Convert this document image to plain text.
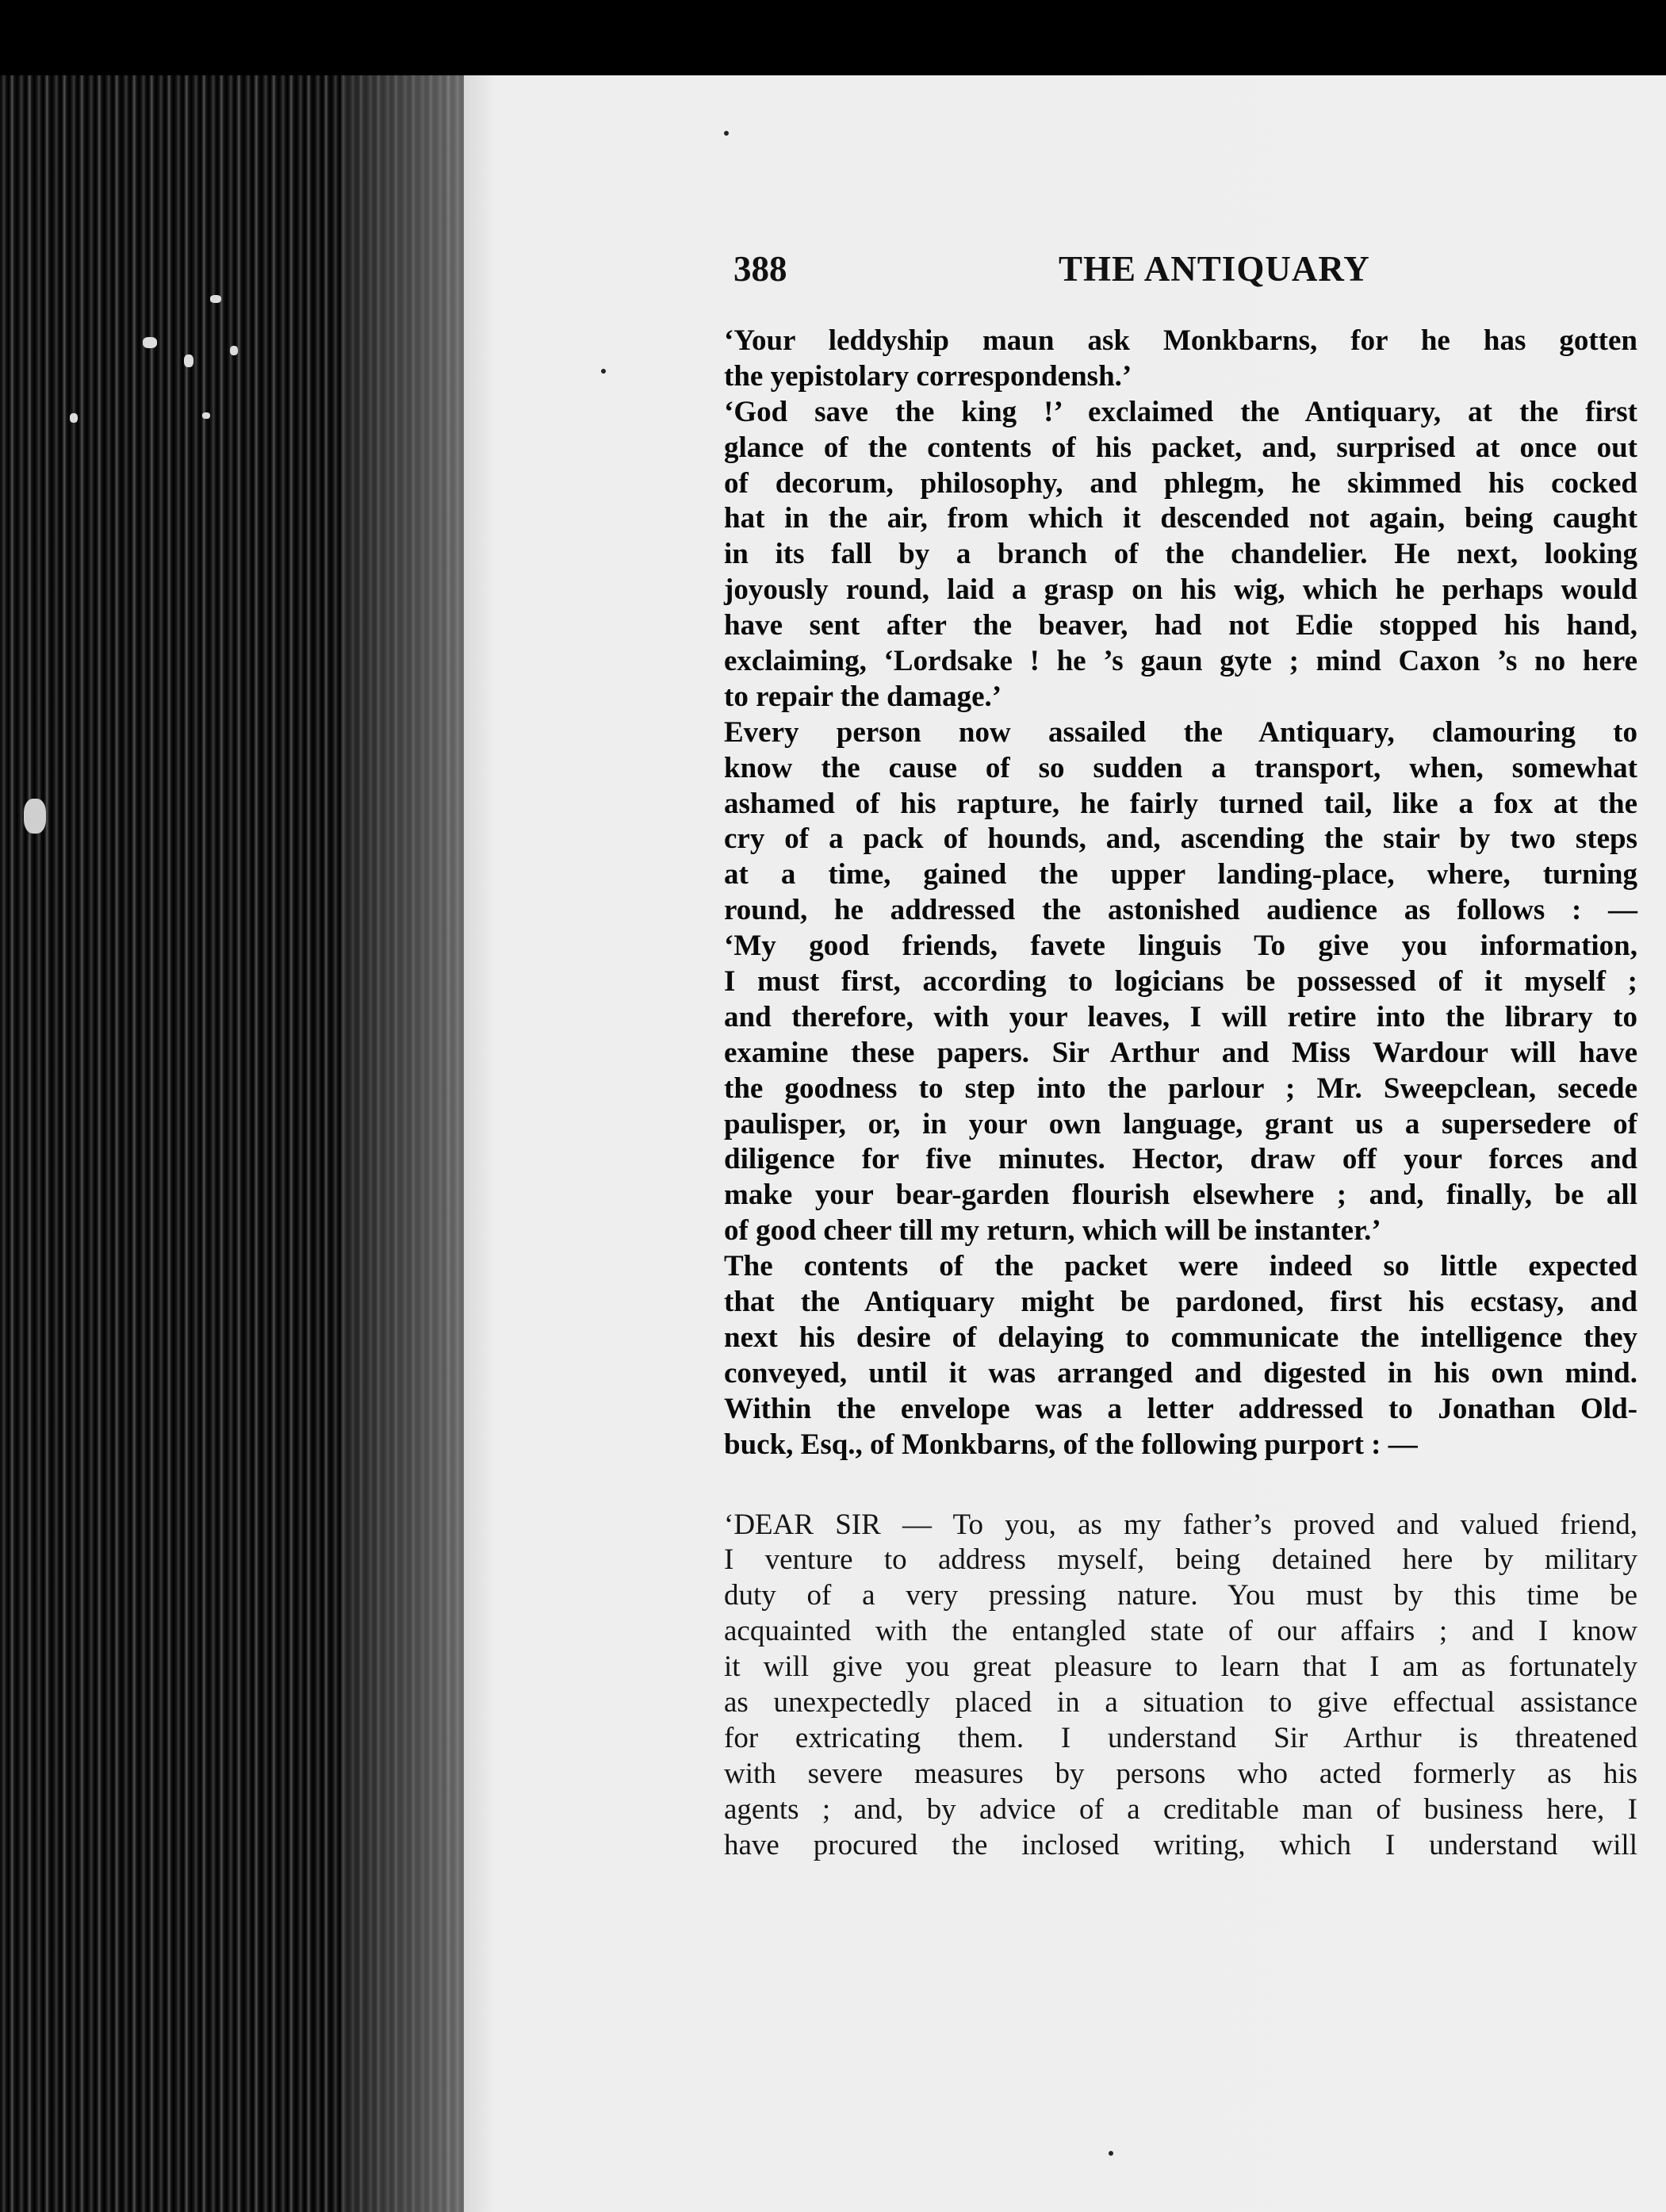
388	THE ANTIQUARY
‘Your leddyship maun ask Monkbarns, for he has gotten
the yepistolary correspondensh.’
‘God save the king !’ exclaimed the Antiquary, at the first
glance of the contents of his packet, and, surprised at once out
of decorum, philosophy, and phlegm, he skimmed his cocked
hat in the air, from which it descended not again, being caught
in its fall by a branch of the chandelier. He next, looking
joyously round, laid a grasp on his wig, which he perhaps would
have sent after the beaver, had not Edie stopped his hand,
exclaiming, ‘Lordsake ! he ’s gaun gyte ; mind Caxon ’s no here
to repair the damage.’
Every person now assailed the Antiquary, clamouring to
know the cause of so sudden a transport, when, somewhat
ashamed of his rapture, he fairly turned tail, like a fox at the
cry of a pack of hounds, and, ascending the stair by two steps
at a time, gained the upper landing-place, where, turning
round, he addressed the astonished audience as follows : —
‘My good friends, favete linguis To give you information,
I must first, according to logicians be possessed of it myself ;
and therefore, with your leaves, I will retire into the library to
examine these papers. Sir Arthur and Miss Wardour will have
the goodness to step into the parlour ; Mr. Sweepclean, secede
paulisper, or, in your own language, grant us a supersedere of
diligence for five minutes. Hector, draw off your forces and
make your bear-garden flourish elsewhere ; and, finally, be all
of good cheer till my return, which will be instanter.’
The contents of the packet were indeed so little expected
that the Antiquary might be pardoned, first his ecstasy, and
next his desire of delaying to communicate the intelligence they
conveyed, until it was arranged and digested in his own mind.
Within the envelope was a letter addressed to Jonathan Old-
buck, Esq., of Monkbarns, of the following purport : —
‘DEAR SIR — To you, as my father’s proved and valued friend,
I venture to address myself, being detained here by military
duty of a very pressing nature. You must by this time be
acquainted with the entangled state of our affairs ; and I know
it will give you great pleasure to learn that I am as fortunately
as unexpectedly placed in a situation to give effectual assistance
for extricating them. I understand Sir Arthur is threatened
with severe measures by persons who acted formerly as his
agents ; and, by advice of a creditable man of business here, I
have procured the inclosed writing, which I understand will
